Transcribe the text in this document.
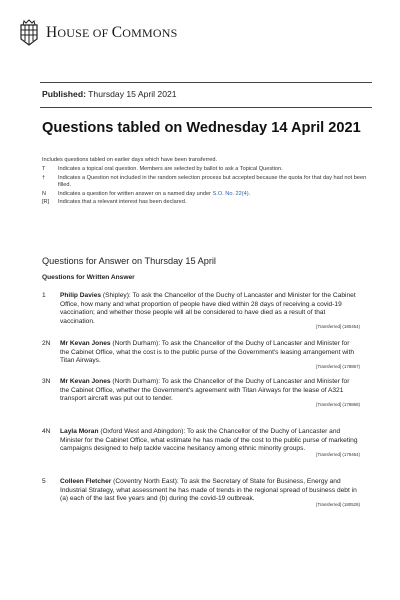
HOUSE OF COMMONS
Published: Thursday 15 April 2021
Questions tabled on Wednesday 14 April 2021
Includes questions tabled on earlier days which have been transferred.
T	Indicates a topical oral question. Members are selected by ballot to ask a Topical Question.
†	Indicates a Question not included in the random selection process but accepted because the quota for that day had not been filled.
N	Indicates a question for written answer on a named day under S.O. No. 22(4).
[R]	Indicates that a relevant interest has been declared.
Questions for Answer on Thursday 15 April
Questions for Written Answer
1	Philip Davies (Shipley): To ask the Chancellor of the Duchy of Lancaster and Minister for the Cabinet Office, how many and what proportion of people have died within 28 days of receiving a covid-19 vaccination; and whether those people will all be considered to have died as a result of that vaccination.
[Transferred] (180454)
2N	Mr Kevan Jones (North Durham): To ask the Chancellor of the Duchy of Lancaster and Minister for the Cabinet Office, what the cost is to the public purse of the Government's leasing arrangement with Titan Airways.
[Transferred] (178867)
3N	Mr Kevan Jones (North Durham): To ask the Chancellor of the Duchy of Lancaster and Minister for the Cabinet Office, whether the Government's agreement with Titan Airways for the lease of A321 transport aircraft was put out to tender.
[Transferred] (178868)
4N	Layla Moran (Oxford West and Abingdon): To ask the Chancellor of the Duchy of Lancaster and Minister for the Cabinet Office, what estimate he has made of the cost to the public purse of marketing campaigns designed to help tackle vaccine hesitancy among ethnic minority groups.
[Transferred] (179464)
5	Colleen Fletcher (Coventry North East): To ask the Secretary of State for Business, Energy and Industrial Strategy, what assessment he has made of trends in the regional spread of business debt in (a) each of the last five years and (b) during the covid-19 outbreak.
[Transferred] (180528)
